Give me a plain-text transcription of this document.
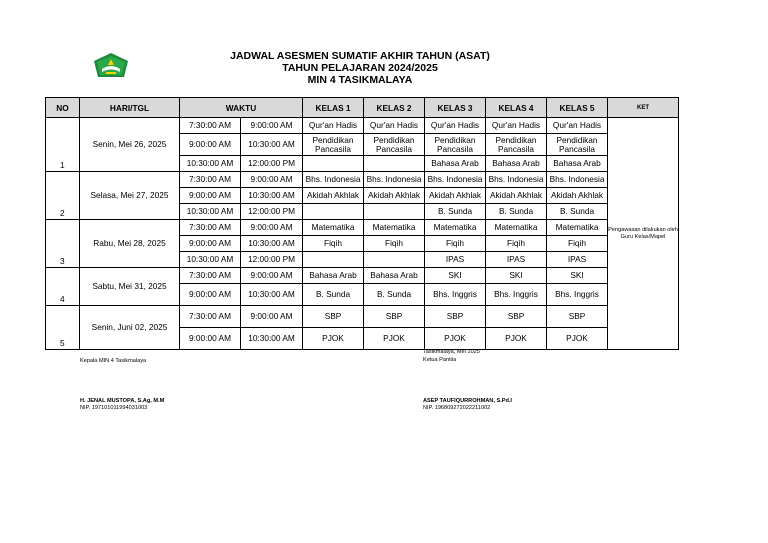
JADWAL ASESMEN SUMATIF AKHIR TAHUN (ASAT)
TAHUN PELAJARAN 2024/2025
MIN 4 TASIKMALAYA
NO	HARI/TGL	WAKTU		KELAS 1	KELAS 2	KELAS 3	KELAS 4	KELAS 5	KET
1	Senin, Mei 26, 2025	7:30:00 AM	9:00:00 AM	Qur'an Hadis	Qur'an Hadis	Qur'an Hadis	Qur'an Hadis	Qur'an Hadis	Pengawasan dilakukan oleh Guru Kelas/Mapel
		9:00:00 AM	10:30:00 AM	Pendidikan Pancasila	Pendidikan Pancasila	Pendidikan Pancasila	Pendidikan Pancasila	Pendidikan Pancasila	
		10:30:00 AM	12:00:00 PM			Bahasa Arab	Bahasa Arab	Bahasa Arab	
2	Selasa, Mei 27, 2025	7:30:00 AM	9:00:00 AM	Bhs. Indonesia	Bhs. Indonesia	Bhs. Indonesia	Bhs. Indonesia	Bhs. Indonesia	
		9:00:00 AM	10:30:00 AM	Akidah Akhlak	Akidah Akhlak	Akidah Akhlak	Akidah Akhlak	Akidah Akhlak	
		10:30:00 AM	12:00:00 PM			B. Sunda	B. Sunda	B. Sunda	
3	Rabu, Mei 28, 2025	7:30:00 AM	9:00:00 AM	Matematika	Matematika	Matematika	Matematika	Matematika	
		9:00:00 AM	10:30:00 AM	Fiqih	Fiqih	Fiqih	Fiqih	Fiqih	
		10:30:00 AM	12:00:00 PM			IPAS	IPAS	IPAS	
4	Sabtu, Mei 31, 2025	7:30:00 AM	9:00:00 AM	Bahasa Arab	Bahasa Arab	SKI	SKI	SKI	
		9:00:00 AM	10:30:00 AM	B. Sunda	B. Sunda	Bhs. Inggris	Bhs. Inggris	Bhs. Inggris	
5	Senin, Juni 02, 2025	7:30:00 AM	9:00:00 AM	SBP	SBP	SBP	SBP	SBP	
		9:00:00 AM	10:30:00 AM	PJOK	PJOK	PJOK	PJOK	PJOK	
Tasikmalaya, Mei 2025
Ketua Panitia
Kepala MIN 4 Tasikmalaya
H. JENAL MUSTOPA, S.Ag, M.M
NIP. 197101011994031003
ASEP TAUFIQURROHMAN, S.Pd.I
NIP. 196809272022211002
